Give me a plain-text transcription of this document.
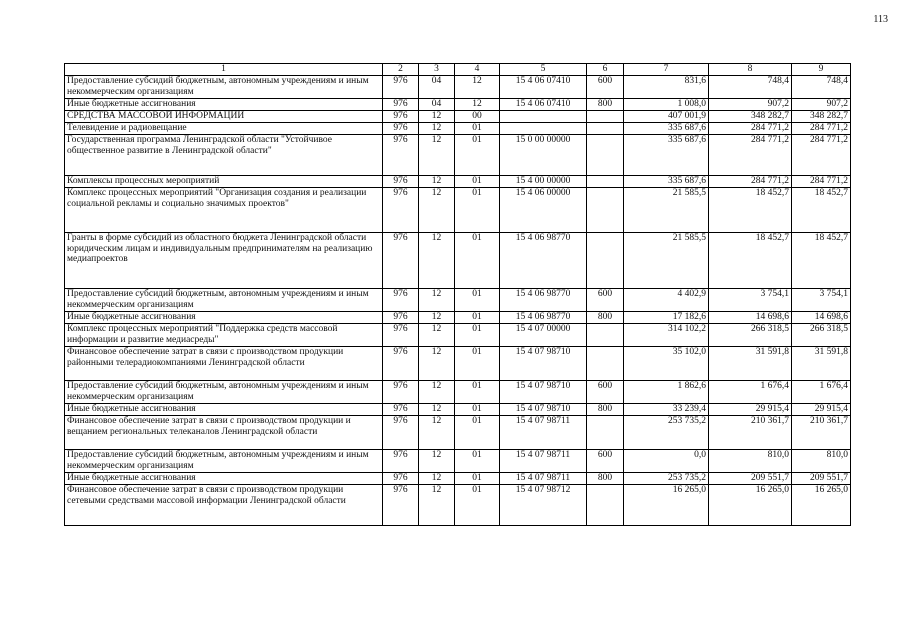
113
1	2	3	4	5	6	7	8	9
Предоставление субсидий бюджетным, автономным учреждениям и иным некоммерческим организациям	976	04	12	15 4 06 07410	600	831,6	748,4	748,4
Иные бюджетные ассигнования	976	04	12	15 4 06 07410	800	1 008,0	907,2	907,2
СРЕДСТВА МАССОВОЙ ИНФОРМАЦИИ	976	12	00			407 001,9	348 282,7	348 282,7
Телевидение и радиовещание	976	12	01			335 687,6	284 771,2	284 771,2
Государственная программа Ленинградской области "Устойчивое общественное развитие в Ленинградской области"	976	12	01	15 0 00 00000		335 687,6	284 771,2	284 771,2
Комплексы процессных мероприятий	976	12	01	15 4 00 00000		335 687,6	284 771,2	284 771,2
Комплекс процессных мероприятий "Организация создания и реализации социальной рекламы и социально значимых проектов"	976	12	01	15 4 06 00000		21 585,5	18 452,7	18 452,7
Гранты в форме субсидий из областного бюджета Ленинградской области юридическим лицам и индивидуальным предпринимателям на реализацию медиапроектов	976	12	01	15 4 06 98770		21 585,5	18 452,7	18 452,7
Предоставление субсидий бюджетным, автономным учреждениям и иным некоммерческим организациям	976	12	01	15 4 06 98770	600	4 402,9	3 754,1	3 754,1
Иные бюджетные ассигнования	976	12	01	15 4 06 98770	800	17 182,6	14 698,6	14 698,6
Комплекс процессных мероприятий "Поддержка средств массовой информации и развитие медиасреды"	976	12	01	15 4 07 00000		314 102,2	266 318,5	266 318,5
Финансовое обеспечение затрат в связи с производством продукции районными телерадиокомпаниями Ленинградской области	976	12	01	15 4 07 98710		35 102,0	31 591,8	31 591,8
Предоставление субсидий бюджетным, автономным учреждениям и иным некоммерческим организациям	976	12	01	15 4 07 98710	600	1 862,6	1 676,4	1 676,4
Иные бюджетные ассигнования	976	12	01	15 4 07 98710	800	33 239,4	29 915,4	29 915,4
Финансовое обеспечение затрат в связи с производством продукции и вещанием региональных телеканалов Ленинградской области	976	12	01	15 4 07 98711		253 735,2	210 361,7	210 361,7
Предоставление субсидий бюджетным, автономным учреждениям и иным некоммерческим организациям	976	12	01	15 4 07 98711	600	0,0	810,0	810,0
Иные бюджетные ассигнования	976	12	01	15 4 07 98711	800	253 735,2	209 551,7	209 551,7
Финансовое обеспечение затрат в связи с производством продукции сетевыми средствами массовой информации Ленинградской области	976	12	01	15 4 07 98712		16 265,0	16 265,0	16 265,0
